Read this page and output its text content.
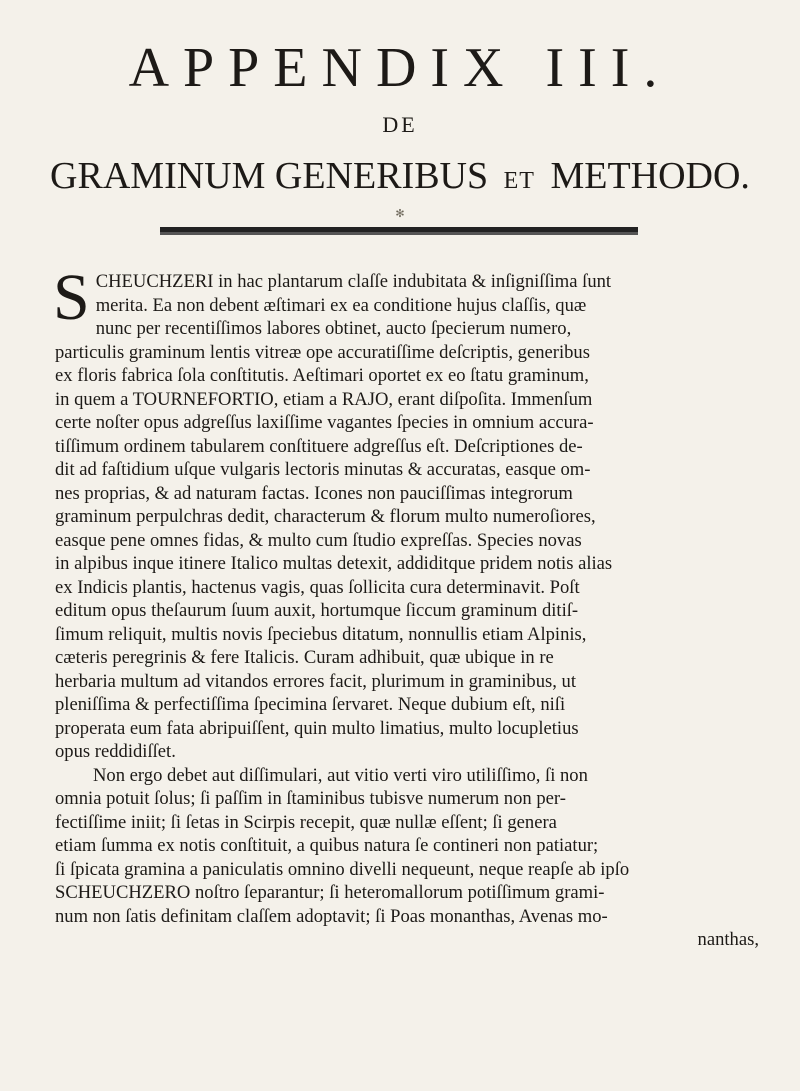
APPENDIX III.
DE
GRAMINUM GENERIBUS ET METHODO.
✻
S CHEUCHZERI in hac plantarum claſſe indubitata & inſigniſſima ſunt
merita. Ea non debent æſtimari ex ea conditione hujus claſſis, quæ
nunc per recentiſſimos labores obtinet, aucto ſpecierum numero,
particulis graminum lentis vitreæ ope accuratiſſime deſcriptis, generibus
ex floris fabrica ſola conſtitutis. Aeſtimari oportet ex eo ſtatu graminum,
in quem a TOURNEFORTIO, etiam a RAJO, erant diſpoſita. Immenſum
certe noſter opus adgreſſus laxiſſime vagantes ſpecies in omnium accura-
tiſſimum ordinem tabularem conſtituere adgreſſus eſt. Deſcriptiones de-
dit ad faſtidium uſque vulgaris lectoris minutas & accuratas, easque om-
nes proprias, & ad naturam factas. Icones non pauciſſimas integrorum
graminum perpulchras dedit, characterum & florum multo numeroſiores,
easque pene omnes fidas, & multo cum ſtudio expreſſas. Species novas
in alpibus inque itinere Italico multas detexit, addiditque pridem notis alias
ex Indicis plantis, hactenus vagis, quas ſollicita cura determinavit. Poſt
editum opus theſaurum ſuum auxit, hortumque ſiccum graminum ditiſ-
ſimum reliquit, multis novis ſpeciebus ditatum, nonnullis etiam Alpinis,
cæteris peregrinis & fere Italicis. Curam adhibuit, quæ ubique in re
herbaria multum ad vitandos errores facit, plurimum in graminibus, ut
pleniſſima & perfectiſſima ſpecimina ſervaret. Neque dubium eſt, niſi
properata eum fata abripuiſſent, quin multo limatius, multo locupletius
opus reddidiſſet.
Non ergo debet aut diſſimulari, aut vitio verti viro utiliſſimo, ſi non
omnia potuit ſolus; ſi paſſim in ſtaminibus tubisve numerum non per-
fectiſſime iniit; ſi ſetas in Scirpis recepit, quæ nullæ eſſent; ſi genera
etiam ſumma ex notis conſtituit, a quibus natura ſe contineri non patiatur;
ſi ſpicata gramina a paniculatis omnino divelli nequeunt, neque reapſe ab ipſo
SCHEUCHZERO noſtro ſeparantur; ſi heteromallorum potiſſimum grami-
num non ſatis definitam claſſem adoptavit; ſi Poas monanthas, Avenas mo-
nanthas,
